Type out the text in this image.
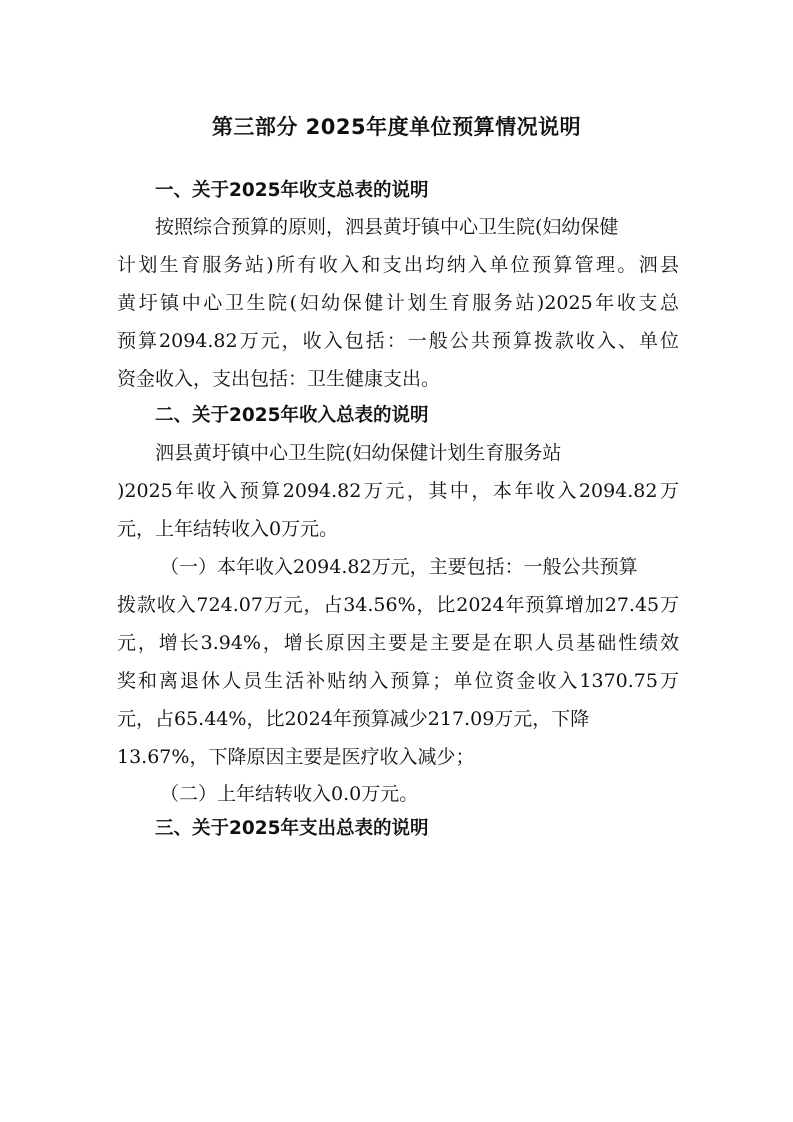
第三部分 2025年度单位预算情况说明
一、关于2025年收支总表的说明
按照综合预算的原则，泗县黄圩镇中心卫生院(妇幼保健
计划生育服务站)所有收入和支出均纳入单位预算管理。泗县
黄圩镇中心卫生院(妇幼保健计划生育服务站)2025年收支总
预算2094.82万元，收入包括：一般公共预算拨款收入、单位
资金收入，支出包括：卫生健康支出。
二、关于2025年收入总表的说明
泗县黄圩镇中心卫生院(妇幼保健计划生育服务站
)2025年收入预算2094.82万元，其中，本年收入2094.82万
元，上年结转收入0万元。
（一）本年收入2094.82万元，主要包括：一般公共预算
拨款收入724.07万元，占34.56%，比2024年预算增加27.45万
元，增长3.94%，增长原因主要是主要是在职人员基础性绩效
奖和离退休人员生活补贴纳入预算；单位资金收入1370.75万
元，占65.44%，比2024年预算减少217.09万元，下降
13.67%，下降原因主要是医疗收入减少；
（二）上年结转收入0.0万元。
三、关于2025年支出总表的说明
